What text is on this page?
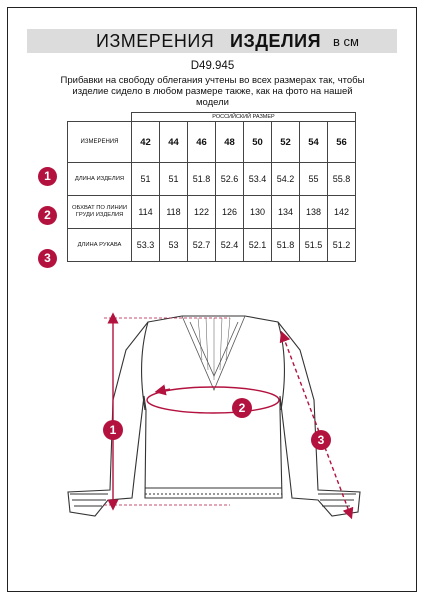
ИЗМЕРЕНИЯ ИЗДЕЛИЯ в см
D49.945
Прибавки на свободу облегания учтены во всех размерах так, чтобы изделие сидело в любом размере также, как на фото на нашей модели
	РОССИЙСКИЙ РАЗМЕР							
ИЗМЕРЕНИЯ	42	44	46	48	50	52	54	56
ДЛИНА ИЗДЕЛИЯ	51	51	51.8	52.6	53.4	54.2	55	55.8
ОБХВАТ ПО ЛИНИИ ГРУДИ ИЗДЕЛИЯ	114	118	122	126	130	134	138	142
ДЛИНА РУКАВА	53.3	53	52.7	52.4	52.1	51.8	51.5	51.2
1
2
3
1
2
3
